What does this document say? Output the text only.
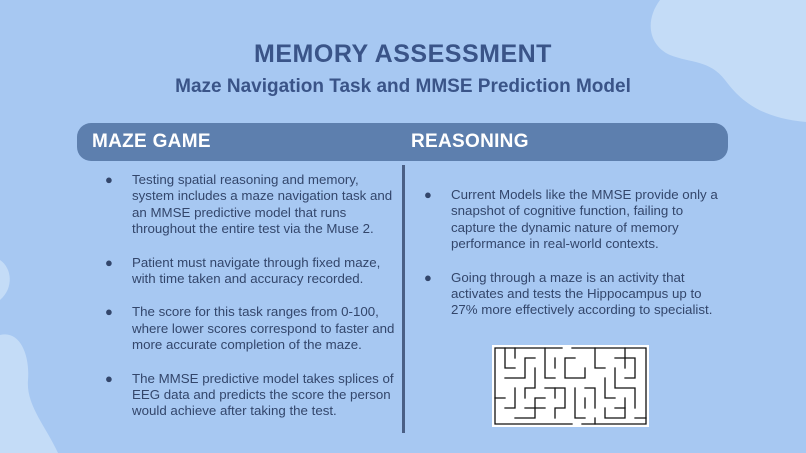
MEMORY ASSESSMENT
Maze Navigation Task and MMSE Prediction Model
MAZE GAME	REASONING
● Testing spatial reasoning and memory, system includes a maze navigation task and an MMSE predictive model that runs throughout the entire test via the Muse 2.
● Patient must navigate through fixed maze, with time taken and accuracy recorded.
● The score for this task ranges from 0-100, where lower scores correspond to faster and more accurate completion of the maze.
● The MMSE predictive model takes splices of EEG data and predicts the score the person would achieve after taking the test.
● Current Models like the MMSE provide only a snapshot of cognitive function, failing to capture the dynamic nature of memory performance in real-world contexts.
● Going through a maze is an activity that activates and tests the Hippocampus up to 27% more effectively according to specialist.
